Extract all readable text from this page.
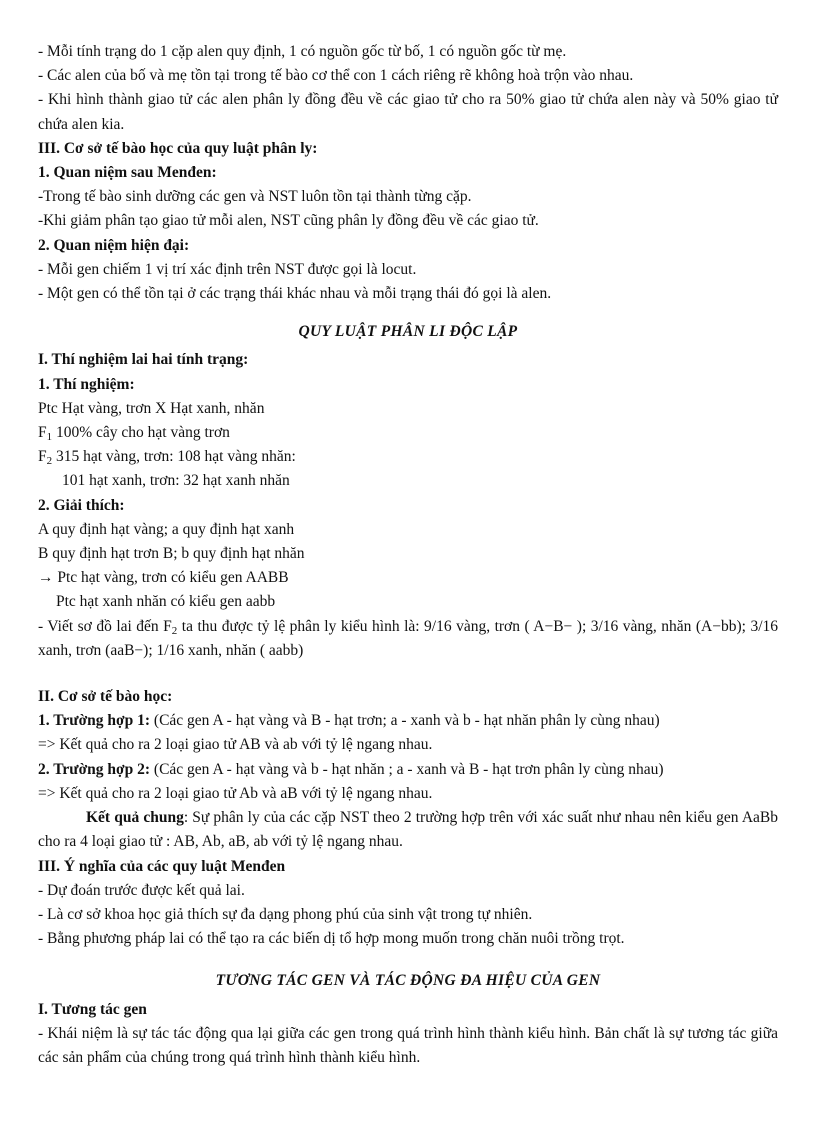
- Mỗi tính trạng do 1 cặp alen quy định, 1 có nguồn gốc từ bố, 1 có nguồn gốc từ mẹ.
- Các alen của bố và mẹ tồn tại trong tế bào cơ thể con 1 cách riêng rẽ không hoà trộn vào nhau.
- Khi hình thành giao tử các alen phân ly đồng đều về các giao tử cho ra 50% giao tử chứa alen này và 50% giao tử chứa alen kia.
III. Cơ sở tế bào học của quy luật phân ly:
1. Quan niệm sau Menđen:
-Trong tế bào sinh dưỡng các gen và NST luôn tồn tại thành từng cặp.
-Khi giảm phân tạo giao tử mỗi alen, NST cũng phân ly đồng đều về các giao tử.
2. Quan niệm hiện đại:
- Mỗi gen chiếm 1 vị trí xác định trên NST được gọi là locut.
- Một gen có thể tồn tại ở các trạng thái khác nhau và mỗi trạng thái đó gọi là alen.
QUY LUẬT PHÂN LI ĐỘC LẬP
I. Thí nghiệm lai hai tính trạng:
1. Thí nghiệm:
Ptc Hạt vàng, trơn X Hạt xanh, nhăn
$F_1$ 100% cây cho hạt vàng trơn
$F_2$ 315 hạt vàng, trơn: 108 hạt vàng nhăn:
101 hạt xanh, trơn: 32 hạt xanh nhăn
2. Giải thích:
A quy định hạt vàng; a quy định hạt xanh
B quy định hạt trơn B; b quy định hạt nhăn
→ Ptc hạt vàng, trơn có kiểu gen AABB
Ptc hạt xanh nhăn có kiểu gen aabb
- Viết sơ đồ lai đến $F_2$ ta thu được tỷ lệ phân ly kiểu hình là: 9/16 vàng, trơn ( A−B− ); 3/16 vàng, nhăn (A−bb); 3/16 xanh, trơn (aaB−); 1/16 xanh, nhăn ( aabb)
II. Cơ sở tế bào học:
1. Trường hợp 1: (Các gen A - hạt vàng và B - hạt trơn; a - xanh và b - hạt nhăn phân ly cùng nhau)
=> Kết quả cho ra 2 loại giao tử AB và ab với tỷ lệ ngang nhau.
2. Trường hợp 2: (Các gen A - hạt vàng và b - hạt nhăn ; a - xanh và B - hạt trơn phân ly cùng nhau)
=> Kết quả cho ra 2 loại giao tử Ab và aB với tỷ lệ ngang nhau.
Kết quả chung: Sự phân ly của các cặp NST theo 2 trường hợp trên với xác suất như nhau nên kiểu gen AaBb cho ra 4 loại giao tử : AB, Ab, aB, ab với tỷ lệ ngang nhau.
III. Ý nghĩa của các quy luật Menđen
- Dự đoán trước được kết quả lai.
- Là cơ sở khoa học giả thích sự đa dạng phong phú của sinh vật trong tự nhiên.
- Bằng phương pháp lai có thể tạo ra các biến dị tổ hợp mong muốn trong chăn nuôi trồng trọt.
TƯƠNG TÁC GEN VÀ TÁC ĐỘNG ĐA HIỆU CỦA GEN
I. Tương tác gen
- Khái niệm là sự tác tác động qua lại giữa các gen trong quá trình hình thành kiểu hình. Bản chất là sự tương tác giữa các sản phẩm của chúng trong quá trình hình thành kiểu hình.
